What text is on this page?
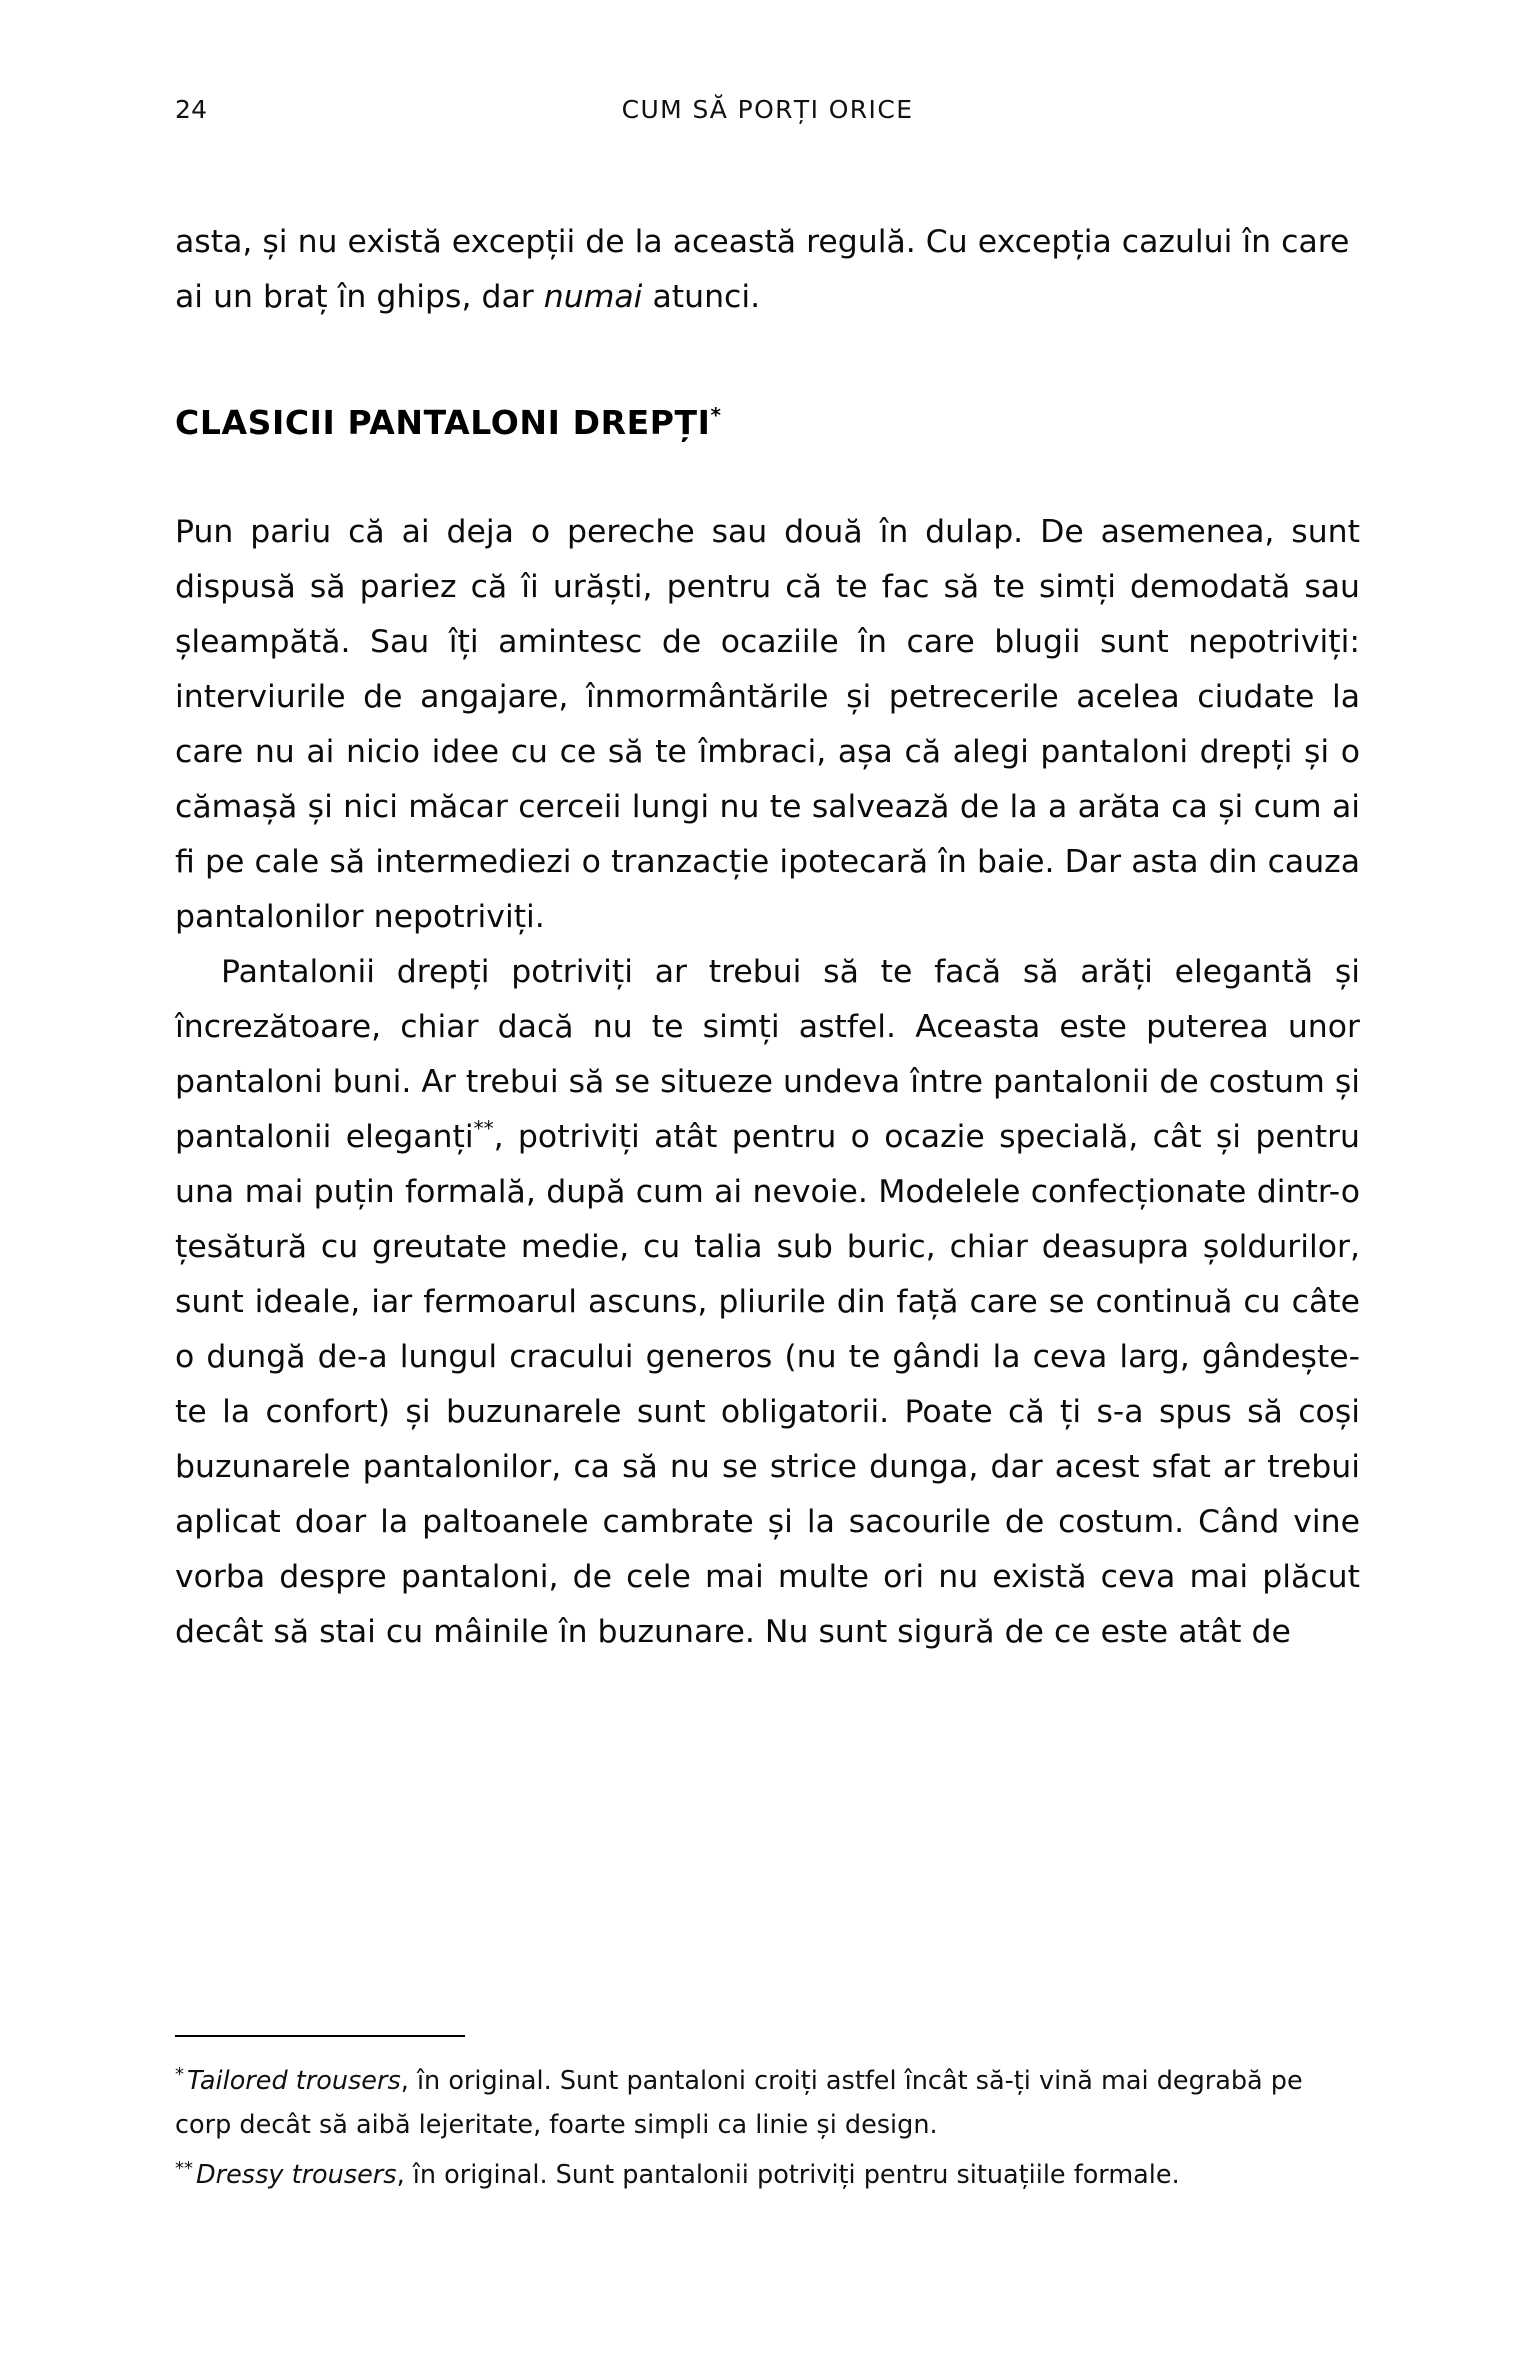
24	CUM SĂ PORȚI ORICE

asta, și nu există excepții de la această regulă. Cu excepția cazului în care ai un braț în ghips, dar numai atunci.

CLASICII PANTALONI DREPȚI*

Pun pariu că ai deja o pereche sau două în dulap. De asemenea, sunt dispusă să pariez că îi urăști, pentru că te fac să te simți demodată sau șleampătă. Sau îți amintesc de ocaziile în care blugii sunt nepotriviți: interviurile de angajare, înmormântările și petrecerile acelea ciudate la care nu ai nicio idee cu ce să te îmbraci, așa că alegi pantaloni drepți și o cămașă și nici măcar cerceii lungi nu te salvează de la a arăta ca și cum ai fi pe cale să intermediezi o tranzacție ipotecară în baie. Dar asta din cauza pantalonilor nepotriviți.

Pantalonii drepți potriviți ar trebui să te facă să arăți elegantă și încrezătoare, chiar dacă nu te simți astfel. Aceasta este puterea unor pantaloni buni. Ar trebui să se situeze undeva între pantalonii de costum și pantalonii eleganți**, potriviți atât pentru o ocazie specială, cât și pentru una mai puțin formală, după cum ai nevoie. Modelele confecționate dintr-o țesătură cu greutate medie, cu talia sub buric, chiar deasupra șoldurilor, sunt ideale, iar fermoarul ascuns, pliurile din față care se continuă cu câte o dungă de-a lungul cracului generos (nu te gândi la ceva larg, gândește-te la confort) și buzunarele sunt obligatorii. Poate că ți s-a spus să coși buzunarele pantalonilor, ca să nu se strice dunga, dar acest sfat ar trebui aplicat doar la paltoanele cambrate și la sacourile de costum. Când vine vorba despre pantaloni, de cele mai multe ori nu există ceva mai plăcut decât să stai cu mâinile în buzunare. Nu sunt sigură de ce este atât de

* Tailored trousers, în original. Sunt pantaloni croiți astfel încât să-ți vină mai degrabă pe corp decât să aibă lejeritate, foarte simpli ca linie și design.

** Dressy trousers, în original. Sunt pantalonii potriviți pentru situațiile formale.
